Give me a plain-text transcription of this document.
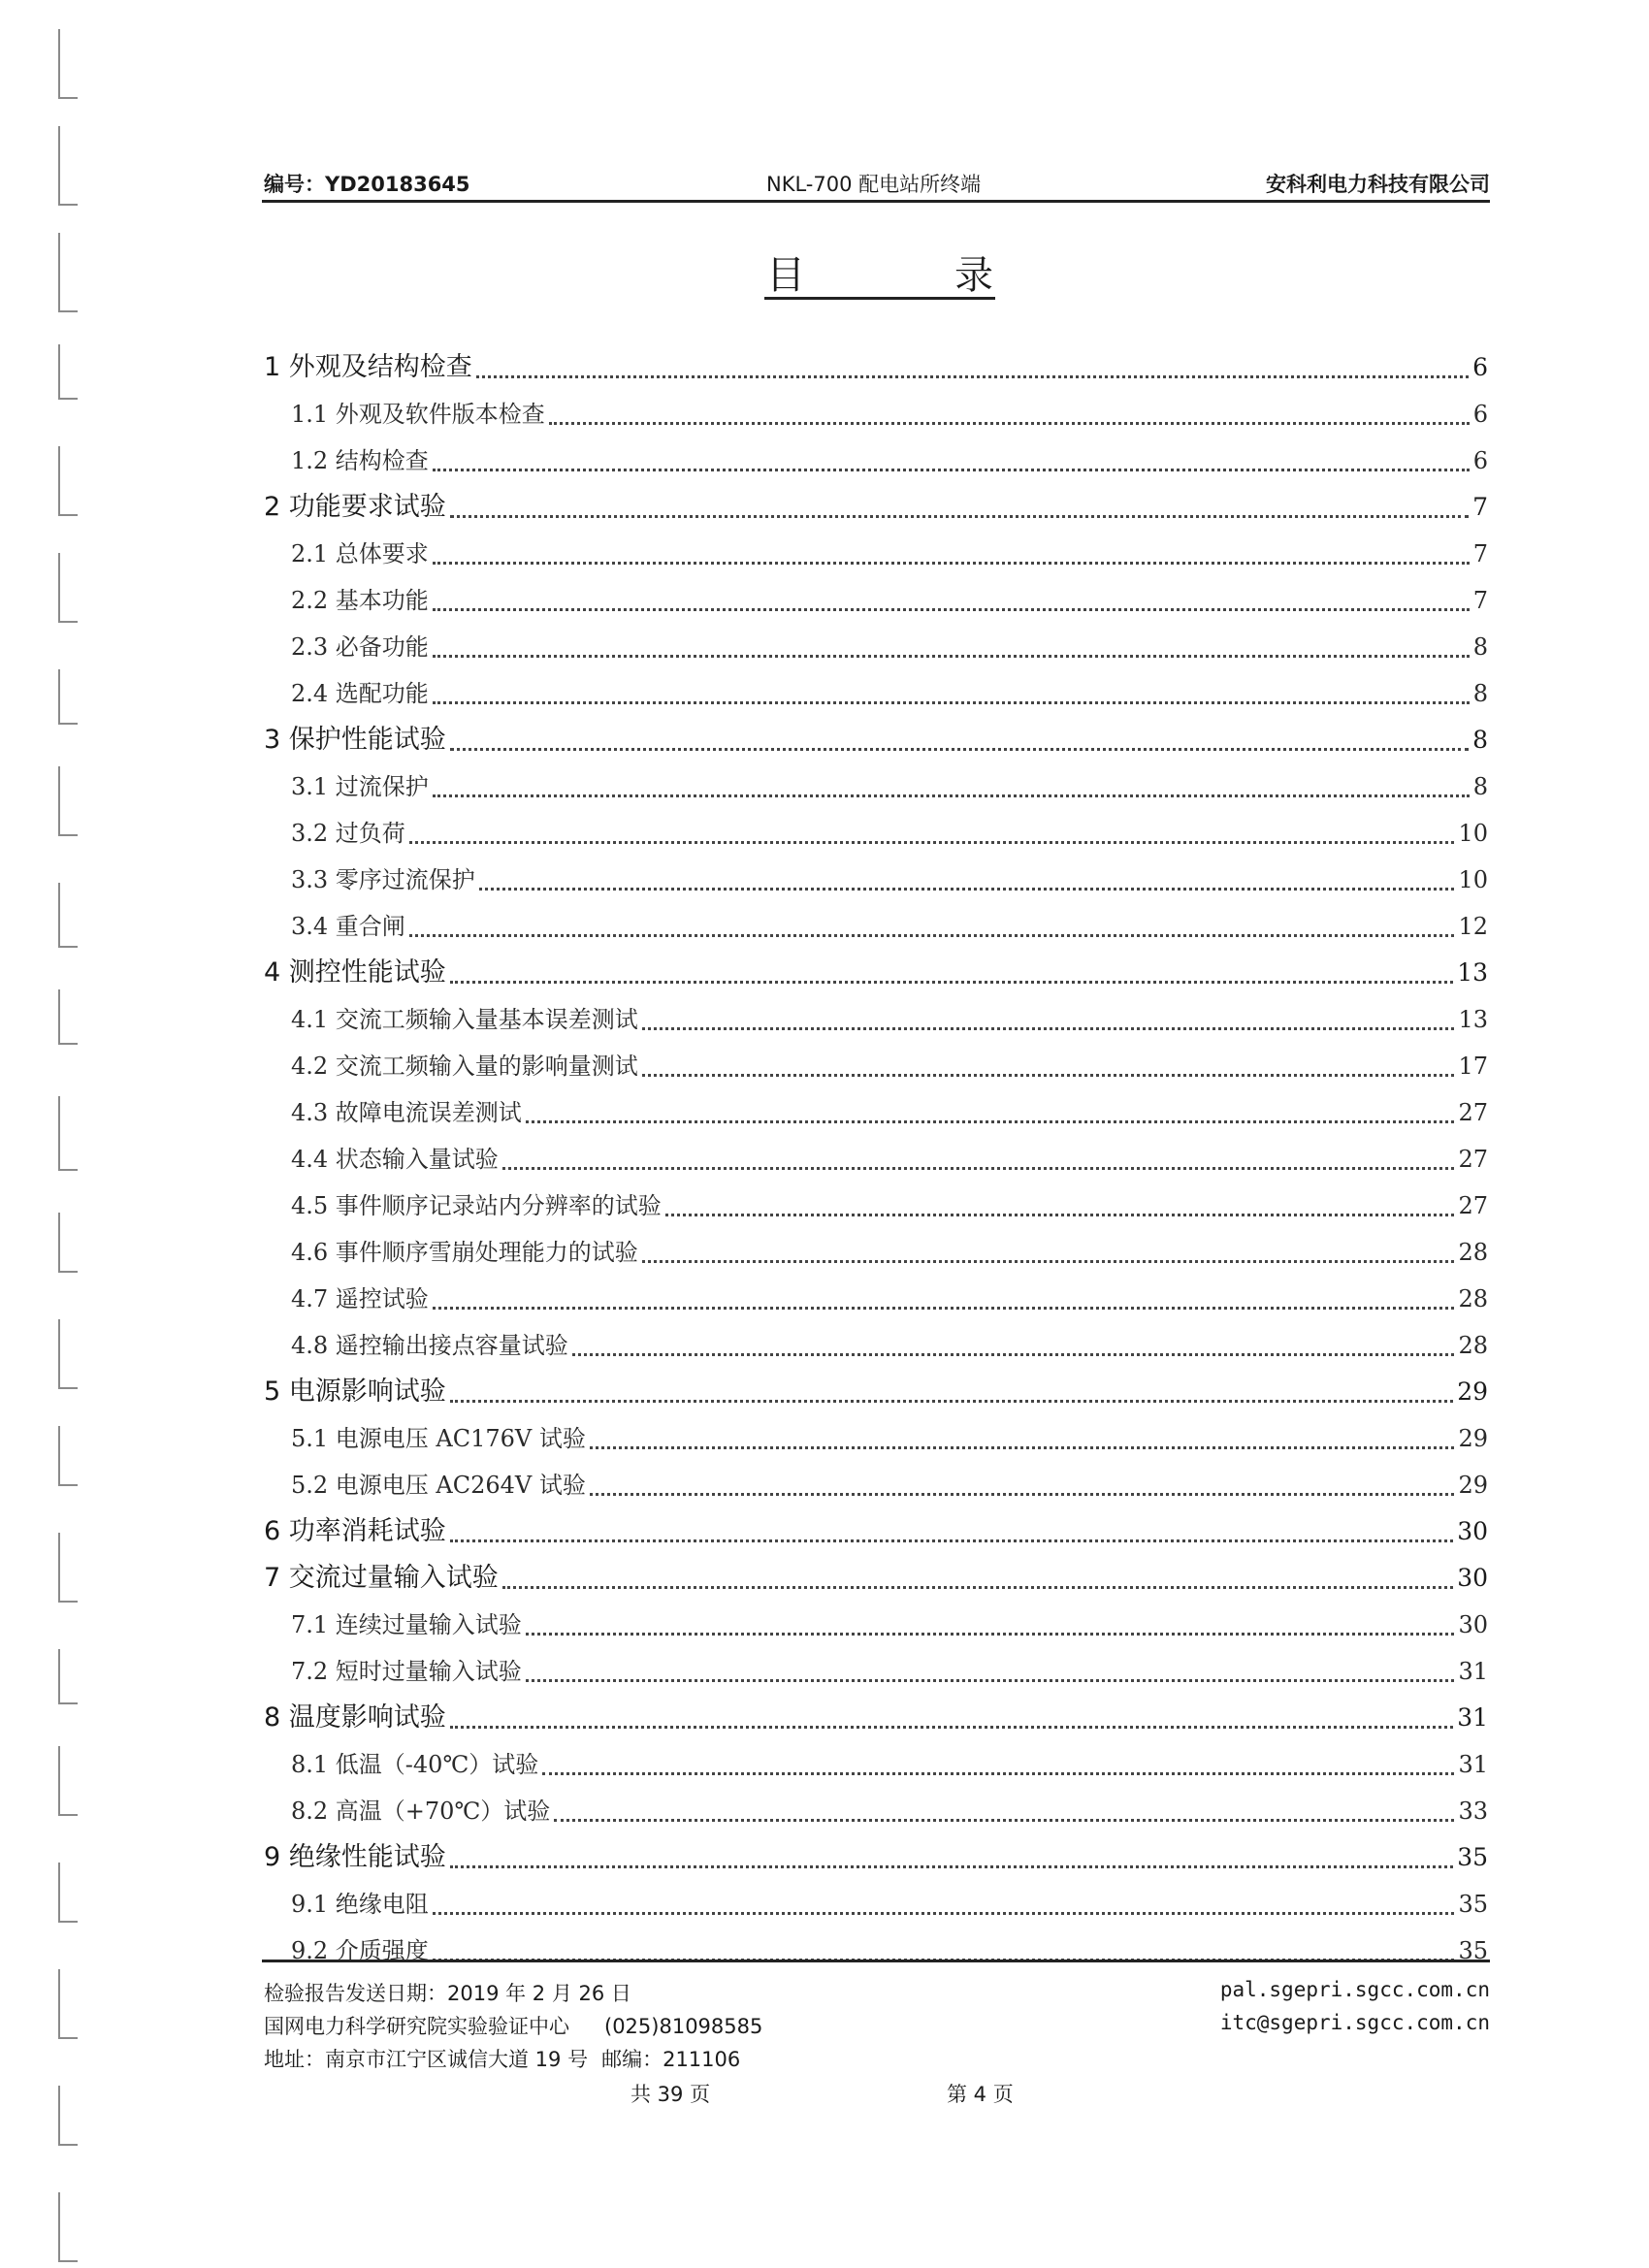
编号：YD20183645	NKL-700 配电站所终端	安科利电力科技有限公司
目	录
1 外观及结构检查	6
1.1 外观及软件版本检查	6
1.2 结构检查	6
2 功能要求试验	7
2.1 总体要求	7
2.2 基本功能	7
2.3 必备功能	8
2.4 选配功能	8
3 保护性能试验	8
3.1 过流保护	8
3.2 过负荷	10
3.3 零序过流保护	10
3.4 重合闸	12
4 测控性能试验	13
4.1 交流工频输入量基本误差测试	13
4.2 交流工频输入量的影响量测试	17
4.3 故障电流误差测试	27
4.4 状态输入量试验	27
4.5 事件顺序记录站内分辨率的试验	27
4.6 事件顺序雪崩处理能力的试验	28
4.7 遥控试验	28
4.8 遥控输出接点容量试验	28
5 电源影响试验	29
5.1 电源电压 AC176V 试验	29
5.2 电源电压 AC264V 试验	29
6 功率消耗试验	30
7 交流过量输入试验	30
7.1 连续过量输入试验	30
7.2 短时过量输入试验	31
8 温度影响试验	31
8.1 低温（-40℃）试验	31
8.2 高温（+70℃）试验	33
9 绝缘性能试验	35
9.1 绝缘电阻	35
9.2 介质强度	35
检验报告发送日期：2019 年 2 月 26 日
国网电力科学研究院实验验证中心 (025)81098585
地址：南京市江宁区诚信大道 19 号 邮编：211106
pal.sgepri.sgcc.com.cn
itc@sgepri.sgcc.com.cn
共 39 页	第 4 页
